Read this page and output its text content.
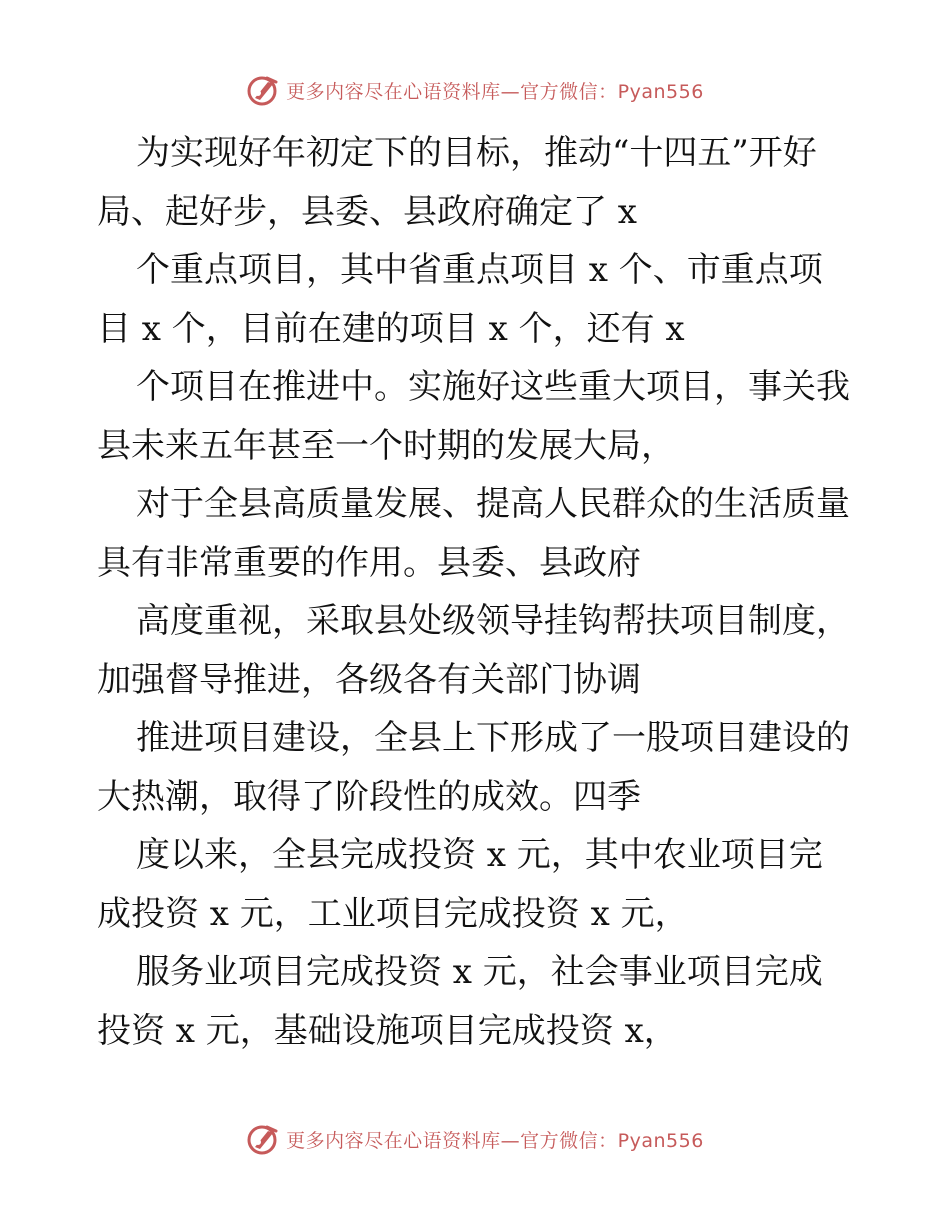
更多内容尽在心语资料库—官方微信：Pyan556

为实现好年初定下的目标，推动“十四五”开好
局、起好步，县委、县政府确定了 x

个重点项目，其中省重点项目 x 个、市重点项
目 x 个，目前在建的项目 x 个，还有 x

个项目在推进中。实施好这些重大项目，事关我
县未来五年甚至一个时期的发展大局，

对于全县高质量发展、提高人民群众的生活质量
具有非常重要的作用。县委、县政府

高度重视，采取县处级领导挂钩帮扶项目制度，
加强督导推进，各级各有关部门协调

推进项目建设，全县上下形成了一股项目建设的
大热潮，取得了阶段性的成效。四季

度以来，全县完成投资 x 元，其中农业项目完
成投资 x 元，工业项目完成投资 x 元，

服务业项目完成投资 x 元，社会事业项目完成
投资 x 元，基础设施项目完成投资 x，

更多内容尽在心语资料库—官方微信：Pyan556
